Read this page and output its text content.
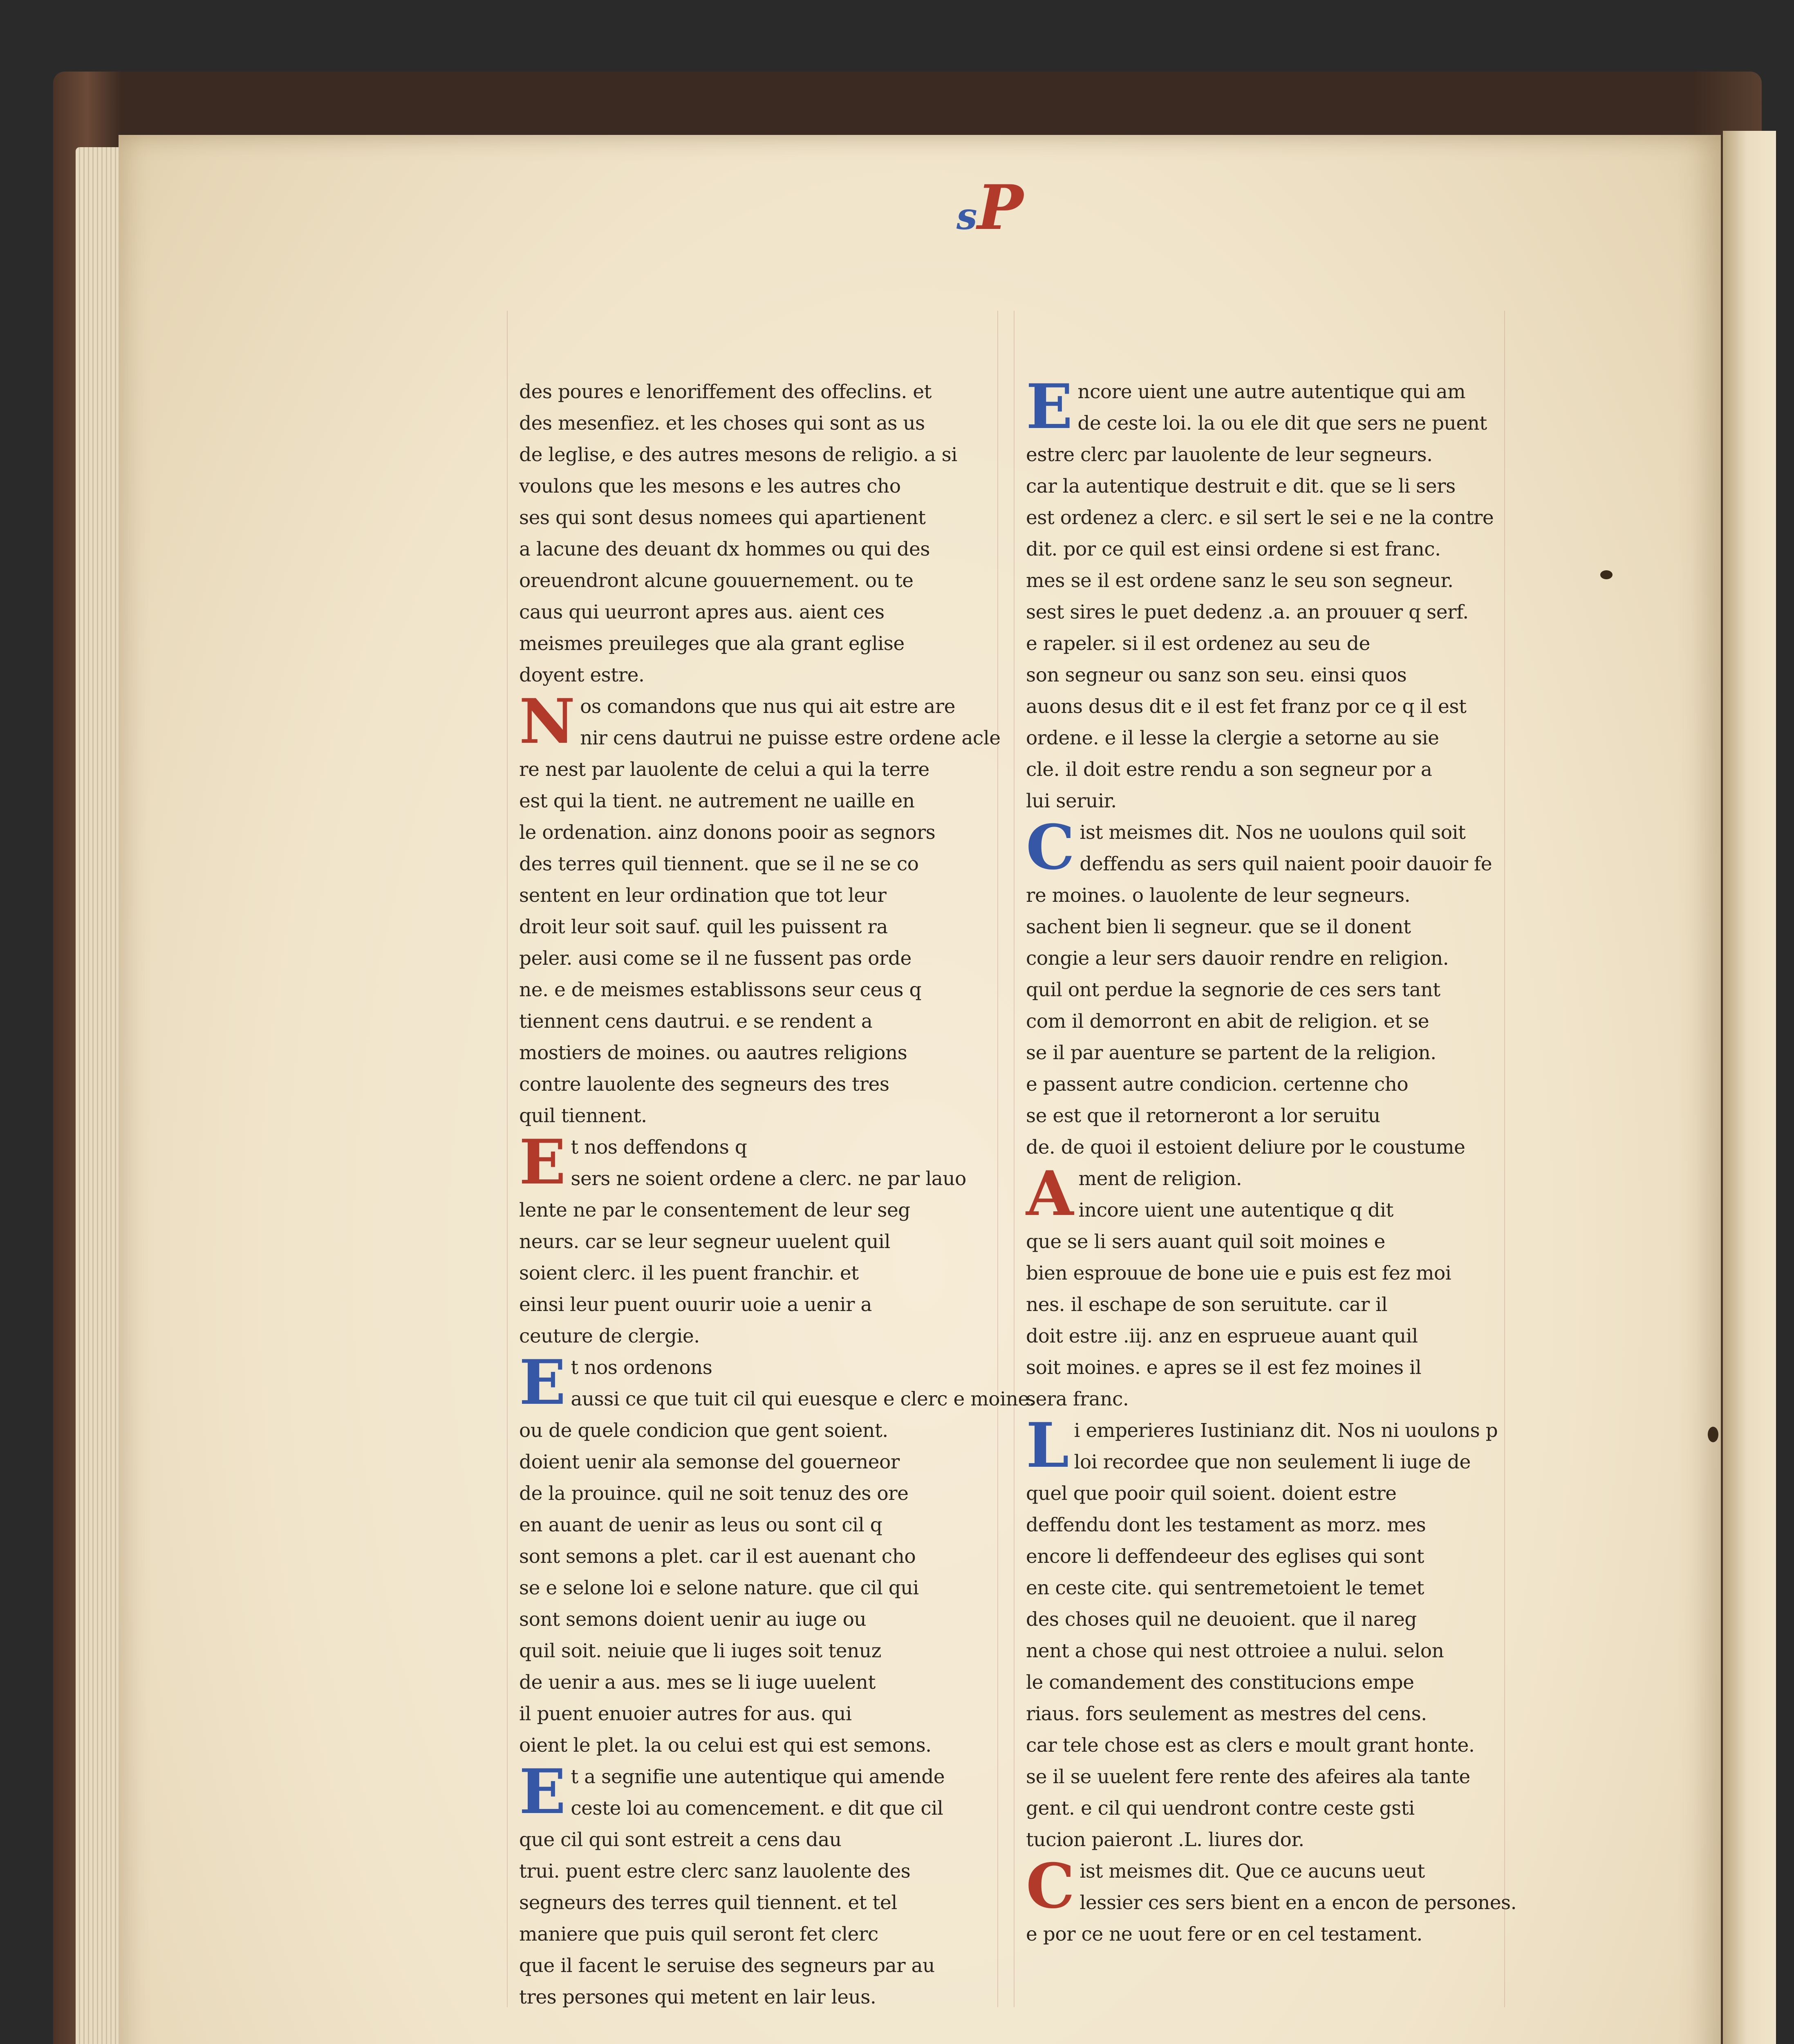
sP
des poures e lenoriffement des offeclins. et
des mesenfiez. et les choses qui sont as us
de leglise, e des autres mesons de religio. a si
voulons que les mesons e les autres cho
ses qui sont desus nomees qui apartienent
a lacune des deuant dx hommes ou qui des
oreuendront alcune gouuernement. ou te
caus qui ueurront apres aus. aient ces
meismes preuileges que ala grant eglise
doyent estre.
N os comandons que nus qui ait estre are
nir cens dautrui ne puisse estre ordene acle
re nest par lauolente de celui a qui la terre
est qui la tient. ne autrement ne uaille en
le ordenation. ainz donons pooir as segnors
des terres quil tiennent. que se il ne se co
sentent en leur ordination que tot leur
droit leur soit sauf. quil les puissent ra
peler. ausi come se il ne fussent pas orde
ne. e de meismes establissons seur ceus q
tiennent cens dautrui. e se rendent a
mostiers de moines. ou aautres religions
contre lauolente des segneurs des tres
quil tiennent.
E t nos deffendons q
sers ne soient ordene a clerc. ne par lauo
lente ne par le consentement de leur seg
neurs. car se leur segneur uuelent quil
soient clerc. il les puent franchir. et
einsi leur puent ouurir uoie a uenir a
ceuture de clergie.
E t nos ordenons
aussi ce que tuit cil qui euesque e clerc e moine.
ou de quele condicion que gent soient.
doient uenir ala semonse del gouerneor
de la prouince. quil ne soit tenuz des ore
en auant de uenir as leus ou sont cil q
sont semons a plet. car il est auenant cho
se e selone loi e selone nature. que cil qui
sont semons doient uenir au iuge ou
quil soit. neiuie que li iuges soit tenuz
de uenir a aus. mes se li iuge uuelent
il puent enuoier autres for aus. qui
oient le plet. la ou celui est qui est semons.
E t a segnifie une autentique qui amende
ceste loi au comencement. e dit que cil
que cil qui sont estreit a cens dau
trui. puent estre clerc sanz lauolente des
segneurs des terres quil tiennent. et tel
maniere que puis quil seront fet clerc
que il facent le seruise des segneurs par au
tres persones qui metent en lair leus.
E ncore uient une autre autentique qui am
de ceste loi. la ou ele dit que sers ne puent
estre clerc par lauolente de leur segneurs.
car la autentique destruit e dit. que se li sers
est ordenez a clerc. e sil sert le sei e ne la contre
dit. por ce quil est einsi ordene si est franc.
mes se il est ordene sanz le seu son segneur.
sest sires le puet dedenz .a. an prouuer q serf.
e rapeler. si il est ordenez au seu de
son segneur ou sanz son seu. einsi quos
auons desus dit e il est fet franz por ce q il est
ordene. e il lesse la clergie a setorne au sie
cle. il doit estre rendu a son segneur por a
lui seruir.
C ist meismes dit. Nos ne uoulons quil soit
deffendu as sers quil naient pooir dauoir fe
re moines. o lauolente de leur segneurs.
sachent bien li segneur. que se il donent
congie a leur sers dauoir rendre en religion.
quil ont perdue la segnorie de ces sers tant
com il demorront en abit de religion. et se
se il par auenture se partent de la religion.
e passent autre condicion. certenne cho
se est que il retorneront a lor seruitu
de. de quoi il estoient deliure por le coustume
A ment de religion.
incore uient une autentique q dit
que se li sers auant quil soit moines e
bien esprouue de bone uie e puis est fez moi
nes. il eschape de son seruitute. car il
doit estre .iij. anz en esprueue auant quil
soit moines. e apres se il est fez moines il
sera franc.
L i emperieres Iustinianz dit. Nos ni uoulons p
loi recordee que non seulement li iuge de
quel que pooir quil soient. doient estre
deffendu dont les testament as morz. mes
encore li deffendeeur des eglises qui sont
en ceste cite. qui sentremetoient le temet
des choses quil ne deuoient. que il nareg
nent a chose qui nest ottroiee a nului. selon
le comandement des constitucions empe
riaus. fors seulement as mestres del cens.
car tele chose est as clers e moult grant honte.
se il se uuelent fere rente des afeires ala tante
gent. e cil qui uendront contre ceste gsti
tucion paieront .L. liures dor.
C ist meismes dit. Que ce aucuns ueut
lessier ces sers bient en a encon de persones.
e por ce ne uout fere or en cel testament.
